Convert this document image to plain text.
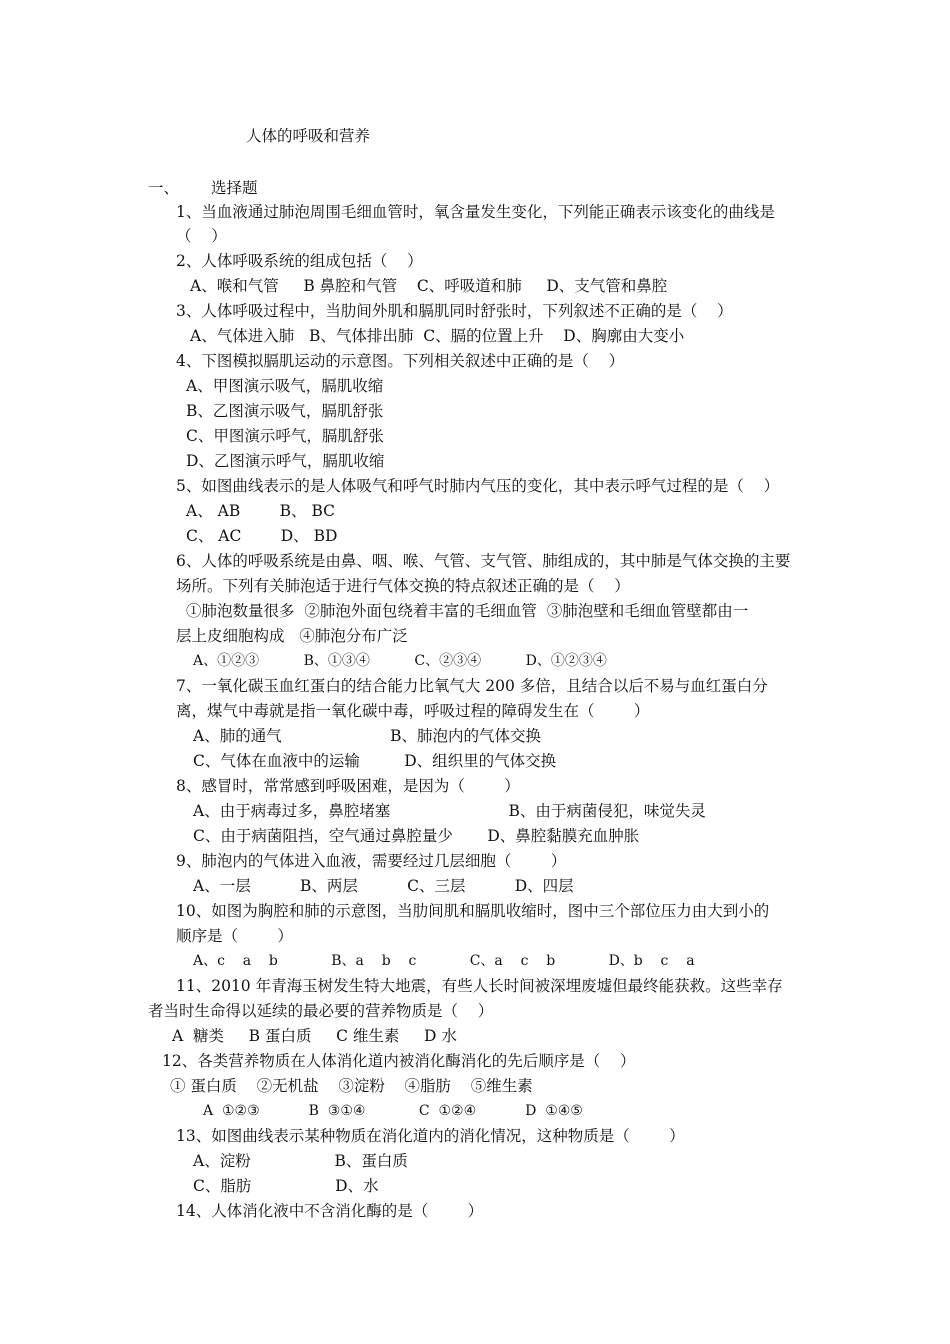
人体的呼吸和营养

一、 选择题

1、当血液通过肺泡周围毛细血管时，氧含量发生变化，下列能正确表示该变化的曲线是

（    ）

2、人体呼吸系统的组成包括（    ）

A、喉和气管     B 鼻腔和气管    C、呼吸道和肺     D、支气管和鼻腔

3、人体呼吸过程中，当肋间外肌和膈肌同时舒张时，下列叙述不正确的是（    ）

A、气体进入肺   B、气体排出肺  C、膈的位置上升    D、胸廓由大变小

4、下图模拟膈肌运动的示意图。下列相关叙述中正确的是（    ）

A、甲图演示吸气，膈肌收缩

B、乙图演示吸气，膈肌舒张

C、甲图演示呼气，膈肌舒张

D、乙图演示呼气，膈肌收缩

5、如图曲线表示的是人体吸气和呼气时肺内气压的变化，其中表示呼气过程的是（    ）

A、 AB        B、 BC

C、 AC        D、 BD

6、人体的呼吸系统是由鼻、咽、喉、气管、支气管、肺组成的，其中肺是气体交换的主要

场所。下列有关肺泡适于进行气体交换的特点叙述正确的是（    ）

①肺泡数量很多  ②肺泡外面包绕着丰富的毛细血管  ③肺泡壁和毛细血管壁都由一

层上皮细胞构成   ④肺泡分布广泛

A、①②③          B、①③④          C、②③④          D、①②③④

7、一氧化碳玉血红蛋白的结合能力比氧气大 200 多倍，且结合以后不易与血红蛋白分

离，煤气中毒就是指一氧化碳中毒，呼吸过程的障碍发生在（        ）

A、肺的通气                      B、肺泡内的气体交换

C、气体在血液中的运输         D、组织里的气体交换

8、感冒时，常常感到呼吸困难，是因为（        ）

A、由于病毒过多，鼻腔堵塞                        B、由于病菌侵犯，味觉失灵

C、由于病菌阻挡，空气通过鼻腔量少       D、鼻腔黏膜充血肿胀

9、肺泡内的气体进入血液，需要经过几层细胞（        ）

A、一层          B、两层          C、三层          D、四层

10、如图为胸腔和肺的示意图，当肋间肌和膈肌收缩时，图中三个部位压力由大到小的

顺序是（        ）

A、c    a    b            B、a    b    c            C、a    c    b            D、b    c    a

11、2010 年青海玉树发生特大地震，有些人长时间被深埋废墟但最终能获救。这些幸存

者当时生命得以延续的最必要的营养物质是（    ）

A  糖类     B 蛋白质     C 维生素     D 水

12、各类营养物质在人体消化道内被消化酶消化的先后顺序是（    ）

① 蛋白质    ②无机盐    ③淀粉    ④脂肪    ⑤维生素

A  ①②③           B  ③①④            C  ①②④           D  ①④⑤

13、如图曲线表示某种物质在消化道内的消化情况，这种物质是（        ）

A、淀粉                 B、蛋白质

C、脂肪                 D、水

14、人体消化液中不含消化酶的是（        ）
